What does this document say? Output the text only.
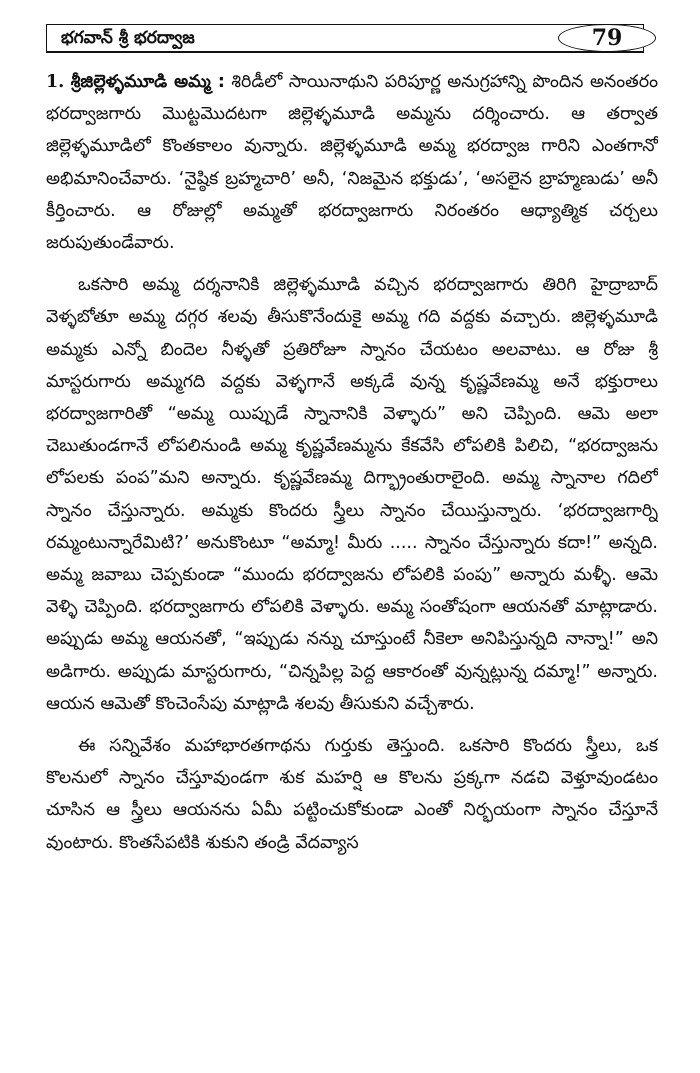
భగవాన్ శ్రీ భరద్వాజ	79

1. శ్రీజిల్లెళ్ళమూడి అమ్మ : శిరిడీలో సాయినాథుని పరిపూర్ణ అనుగ్రహాన్ని పొందిన అనంతరం భరద్వాజగారు మొట్టమొదటగా జిల్లెళ్ళమూడి అమ్మను దర్శించారు. ఆ తర్వాత జిల్లెళ్ళమూడిలో కొంతకాలం వున్నారు. జిల్లెళ్ళమూడి అమ్మ భరద్వాజ గారిని ఎంతగానో అభిమానించేవారు. ‘నైష్ఠిక బ్రహ్మచారి’ అనీ, ‘నిజమైన భక్తుడు’, ‘అసలైన బ్రాహ్మణుడు’ అనీ కీర్తించారు. ఆ రోజుల్లో అమ్మతో భరద్వాజగారు నిరంతరం ఆధ్యాత్మిక చర్చలు జరుపుతుండేవారు.

ఒకసారి అమ్మ దర్శనానికి జిల్లెళ్ళమూడి వచ్చిన భరద్వాజగారు తిరిగి హైద్రాబాద్ వెళ్ళబోతూ అమ్మ దగ్గర శలవు తీసుకొనేందుకై అమ్మ గది వద్దకు వచ్చారు. జిల్లెళ్ళమూడి అమ్మకు ఎన్నో బిందెల నీళ్ళతో ప్రతిరోజూ స్నానం చేయటం అలవాటు. ఆ రోజు శ్రీ మాస్టరుగారు అమ్మగది వద్దకు వెళ్ళగానే అక్కడే వున్న కృష్ణవేణమ్మ అనే భక్తురాలు భరద్వాజగారితో “అమ్మ యిప్పుడే స్నానానికి వెళ్ళారు” అని చెప్పింది. ఆమె అలా చెబుతుండగానే లోపలినుండి అమ్మ కృష్ణవేణమ్మను కేకవేసి లోపలికి పిలిచి, “భరద్వాజను లోపలకు పంప”మని అన్నారు. కృష్ణవేణమ్మ దిగ్భ్రాంతురాలైంది. అమ్మ స్నానాల గదిలో స్నానం చేస్తున్నారు. అమ్మకు కొందరు స్త్రీలు స్నానం చేయిస్తున్నారు. ‘భరద్వాజగార్ని రమ్మంటున్నారేమిటి?’ అనుకొంటూ “అమ్మా! మీరు ..... స్నానం చేస్తున్నారు కదా!” అన్నది. అమ్మ జవాబు చెప్పకుండా “ముందు భరద్వాజను లోపలికి పంపు” అన్నారు మళ్ళీ. ఆమె వెళ్ళి చెప్పింది. భరద్వాజగారు లోపలికి వెళ్ళారు. అమ్మ సంతోషంగా ఆయనతో మాట్లాడారు. అప్పుడు అమ్మ ఆయనతో, “ఇప్పుడు నన్ను చూస్తుంటే నీకెలా అనిపిస్తున్నది నాన్నా!” అని అడిగారు. అప్పుడు మాస్టరుగారు, “చిన్నపిల్ల పెద్ద ఆకారంతో వున్నట్లున్న దమ్మా!” అన్నారు. ఆయన ఆమెతో కొంచెంసేపు మాట్లాడి శలవు తీసుకుని వచ్చేశారు.

ఈ సన్నివేశం మహాభారతగాథను గుర్తుకు తెస్తుంది. ఒకసారి కొందరు స్త్రీలు, ఒక కొలనులో స్నానం చేస్తూవుండగా శుక మహర్షి ఆ కొలను ప్రక్కగా నడచి వెళ్తూవుండటం చూసిన ఆ స్త్రీలు ఆయనను ఏమీ పట్టించుకోకుండా ఎంతో నిర్భయంగా స్నానం చేస్తూనే వుంటారు. కొంతసేపటికి శుకుని తండ్రి వేదవ్యాస
